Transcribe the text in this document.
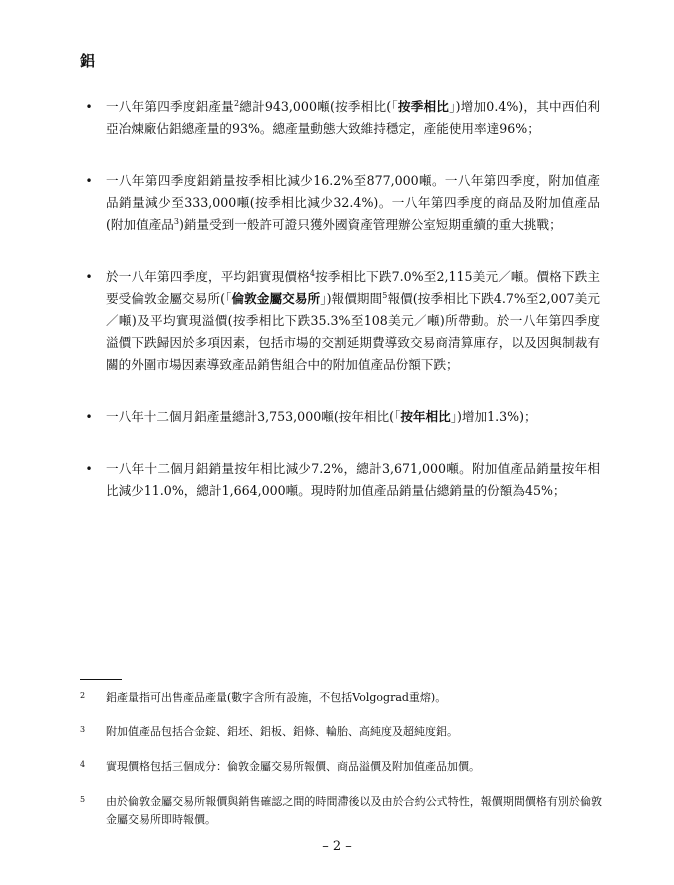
鋁
• 一八年第四季度鋁產量$^2$總計943,000噸(按季相比(「按季相比」)增加0.4%)，其中西伯利亞冶煉廠佔鋁總產量的93%。總產量動態大致維持穩定，產能使用率達96%；
• 一八年第四季度鋁銷量按季相比減少16.2%至877,000噸。一八年第四季度，附加值產品銷量減少至333,000噸(按季相比減少32.4%)。一八年第四季度的商品及附加值產品(附加值產品$^3$)銷量受到一般許可證只獲外國資產管理辦公室短期重續的重大挑戰；
• 於一八年第四季度，平均鋁實現價格$^4$按季相比下跌7.0%至2,115美元／噸。價格下跌主要受倫敦金屬交易所(「倫敦金屬交易所」)報價期間$^5$報價(按季相比下跌4.7%至2,007美元／噸)及平均實現溢價(按季相比下跌35.3%至108美元／噸)所帶動。於一八年第四季度溢價下跌歸因於多項因素，包括市場的交割延期費導致交易商清算庫存，以及因與制裁有關的外圍市場因素導致產品銷售組合中的附加值產品份額下跌；
• 一八年十二個月鋁產量總計3,753,000噸(按年相比(「按年相比」)增加1.3%)；
• 一八年十二個月鋁銷量按年相比減少7.2%，總計3,671,000噸。附加值產品銷量按年相比減少11.0%，總計1,664,000噸。現時附加值產品銷量佔總銷量的份額為45%；
2 鋁產量指可出售產品產量(數字含所有設施，不包括Volgograd重熔)。
3 附加值產品包括合金錠、鋁坯、鋁板、鋁條、輪胎、高純度及超純度鋁。
4 實現價格包括三個成分：倫敦金屬交易所報價、商品溢價及附加值產品加價。
5 由於倫敦金屬交易所報價與銷售確認之間的時間滯後以及由於合約公式特性，報價期間價格有別於倫敦金屬交易所即時報價。
– 2 –
